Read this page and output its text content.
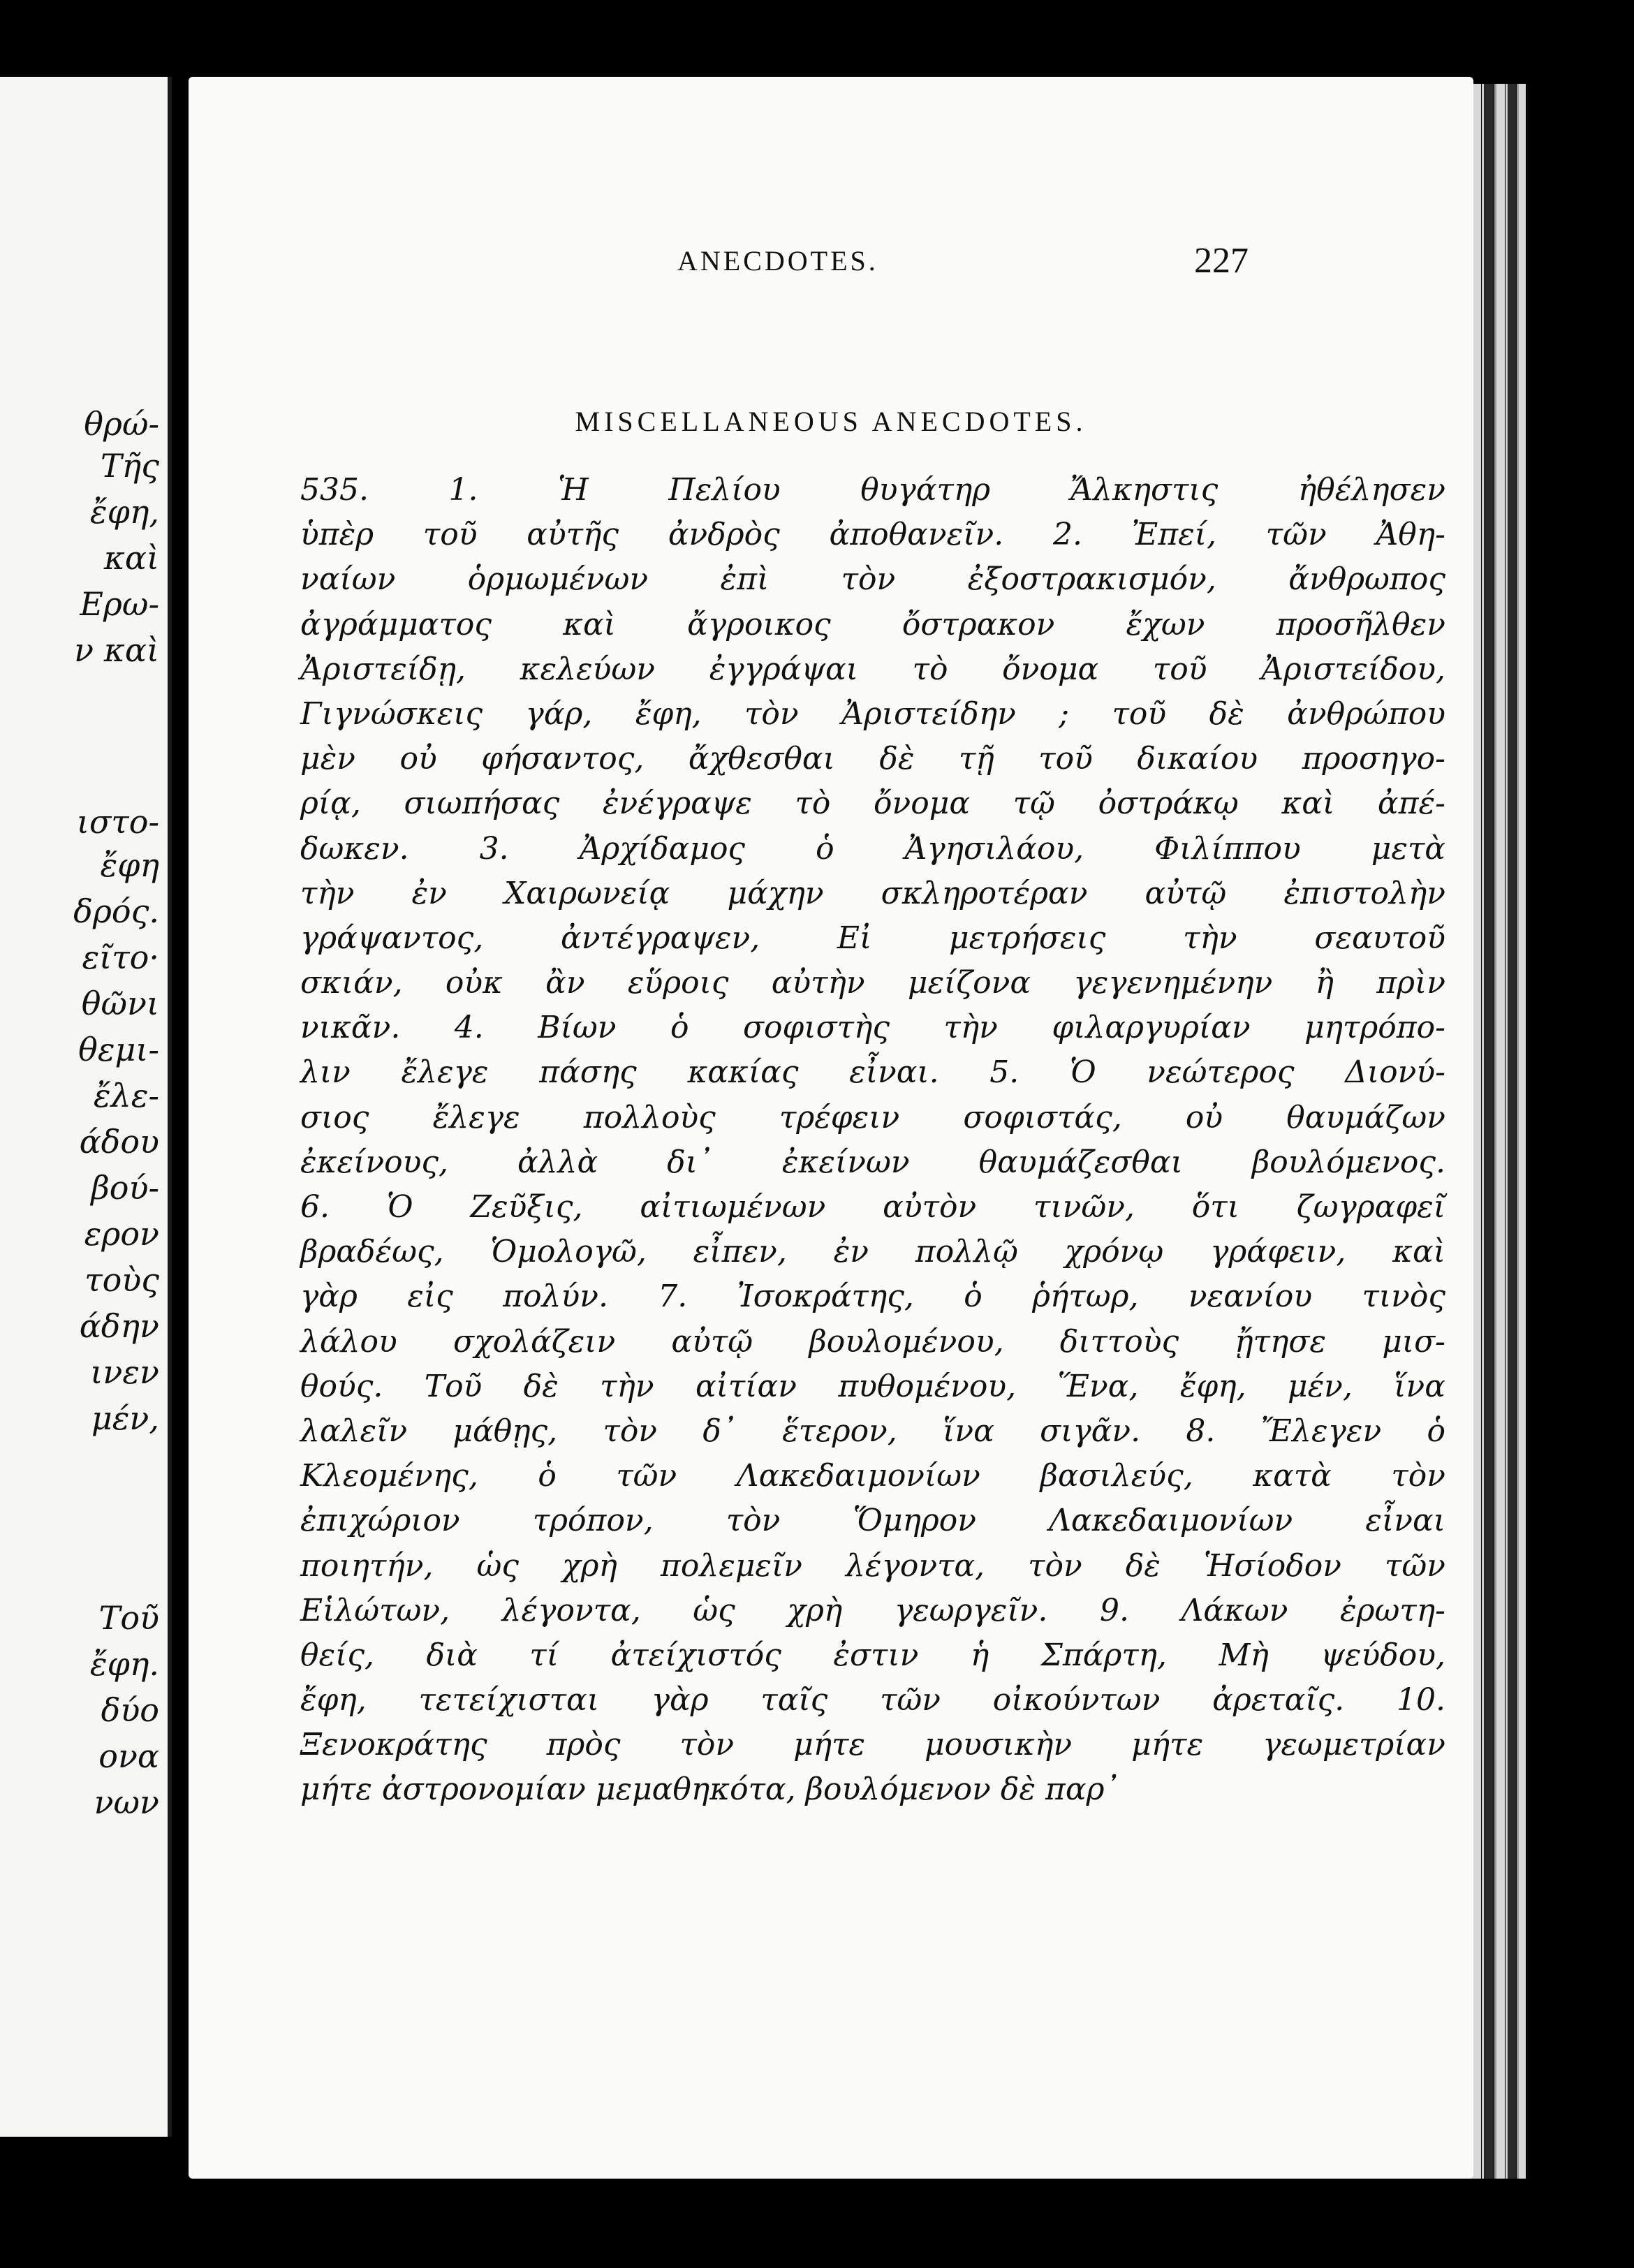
θρώ-
Τῆς
ἔφη,
καὶ
Ερω-
ν καὶ
ιστο-
ἔφη
δρός.
εῖτο·
θῶνι
θεμι-
ἔλε-
άδου
βού-
ερον
τοὺς
άδην
ινεν
μέν,
Τοῦ
ἔφη.
δύο
ονα
νων
ANECDOTES.	227
MISCELLANEOUS ANECDOTES.
535. 1. Ἡ Πελίου θυγάτηρ Ἄλκηστις ἠθέλησεν
ὑπὲρ τοῦ αὐτῆς ἀνδρὸς ἀποθανεῖν. 2. Ἐπεί, τῶν Ἀθη-
ναίων ὁρμωμένων ἐπὶ τὸν ἐξοστρακισμόν, ἄνθρωπος
ἀγράμματος καὶ ἄγροικος ὄστρακον ἔχων προσῆλθεν
Ἀριστείδῃ, κελεύων ἐγγράψαι τὸ ὄνομα τοῦ Ἀριστείδου,
Γιγνώσκεις γάρ, ἔφη, τὸν Ἀριστείδην ; τοῦ δὲ ἀνθρώπου
μὲν οὐ φήσαντος, ἄχθεσθαι δὲ τῇ τοῦ δικαίου προσηγο-
ρίᾳ, σιωπήσας ἐνέγραψε τὸ ὄνομα τῷ ὀστράκῳ καὶ ἀπέ-
δωκεν. 3. Ἀρχίδαμος ὁ Ἀγησιλάου, Φιλίππου μετὰ
τὴν ἐν Χαιρωνείᾳ μάχην σκληροτέραν αὐτῷ ἐπιστολὴν
γράψαντος, ἀντέγραψεν, Εἰ μετρήσεις τὴν σεαυτοῦ
σκιάν, οὐκ ἂν εὕροις αὐτὴν μείζονα γεγενημένην ἢ πρὶν
νικᾶν. 4. Βίων ὁ σοφιστὴς τὴν φιλαργυρίαν μητρόπο-
λιν ἔλεγε πάσης κακίας εἶναι. 5. Ὁ νεώτερος Διονύ-
σιος ἔλεγε πολλοὺς τρέφειν σοφιστάς, οὐ θαυμάζων
ἐκείνους, ἀλλὰ δι᾽ ἐκείνων θαυμάζεσθαι βουλόμενος.
6. Ὁ Ζεῦξις, αἰτιωμένων αὐτὸν τινῶν, ὅτι ζωγραφεῖ
βραδέως, Ὁμολογῶ, εἶπεν, ἐν πολλῷ χρόνῳ γράφειν, καὶ
γὰρ εἰς πολύν. 7. Ἰσοκράτης, ὁ ῥήτωρ, νεανίου τινὸς
λάλου σχολάζειν αὐτῷ βουλομένου, διττοὺς ᾔτησε μισ-
θούς. Τοῦ δὲ τὴν αἰτίαν πυθομένου, Ἕνα, ἔφη, μέν, ἵνα
λαλεῖν μάθῃς, τὸν δ᾽ ἕτερον, ἵνα σιγᾶν. 8. Ἔλεγεν ὁ
Κλεομένης, ὁ τῶν Λακεδαιμονίων βασιλεύς, κατὰ τὸν
ἐπιχώριον τρόπον, τὸν Ὅμηρον Λακεδαιμονίων εἶναι
ποιητήν, ὡς χρὴ πολεμεῖν λέγοντα, τὸν δὲ Ἡσίοδον τῶν
Εἱλώτων, λέγοντα, ὡς χρὴ γεωργεῖν. 9. Λάκων ἐρωτη-
θείς, διὰ τί ἀτείχιστός ἐστιν ἡ Σπάρτη, Μὴ ψεύδου,
ἔφη, τετείχισται γὰρ ταῖς τῶν οἰκούντων ἀρεταῖς. 10.
Ξενοκράτης πρὸς τὸν μήτε μουσικὴν μήτε γεωμετρίαν
μήτε ἀστρονομίαν μεμαθηκότα, βουλόμενον δὲ παρ᾽
